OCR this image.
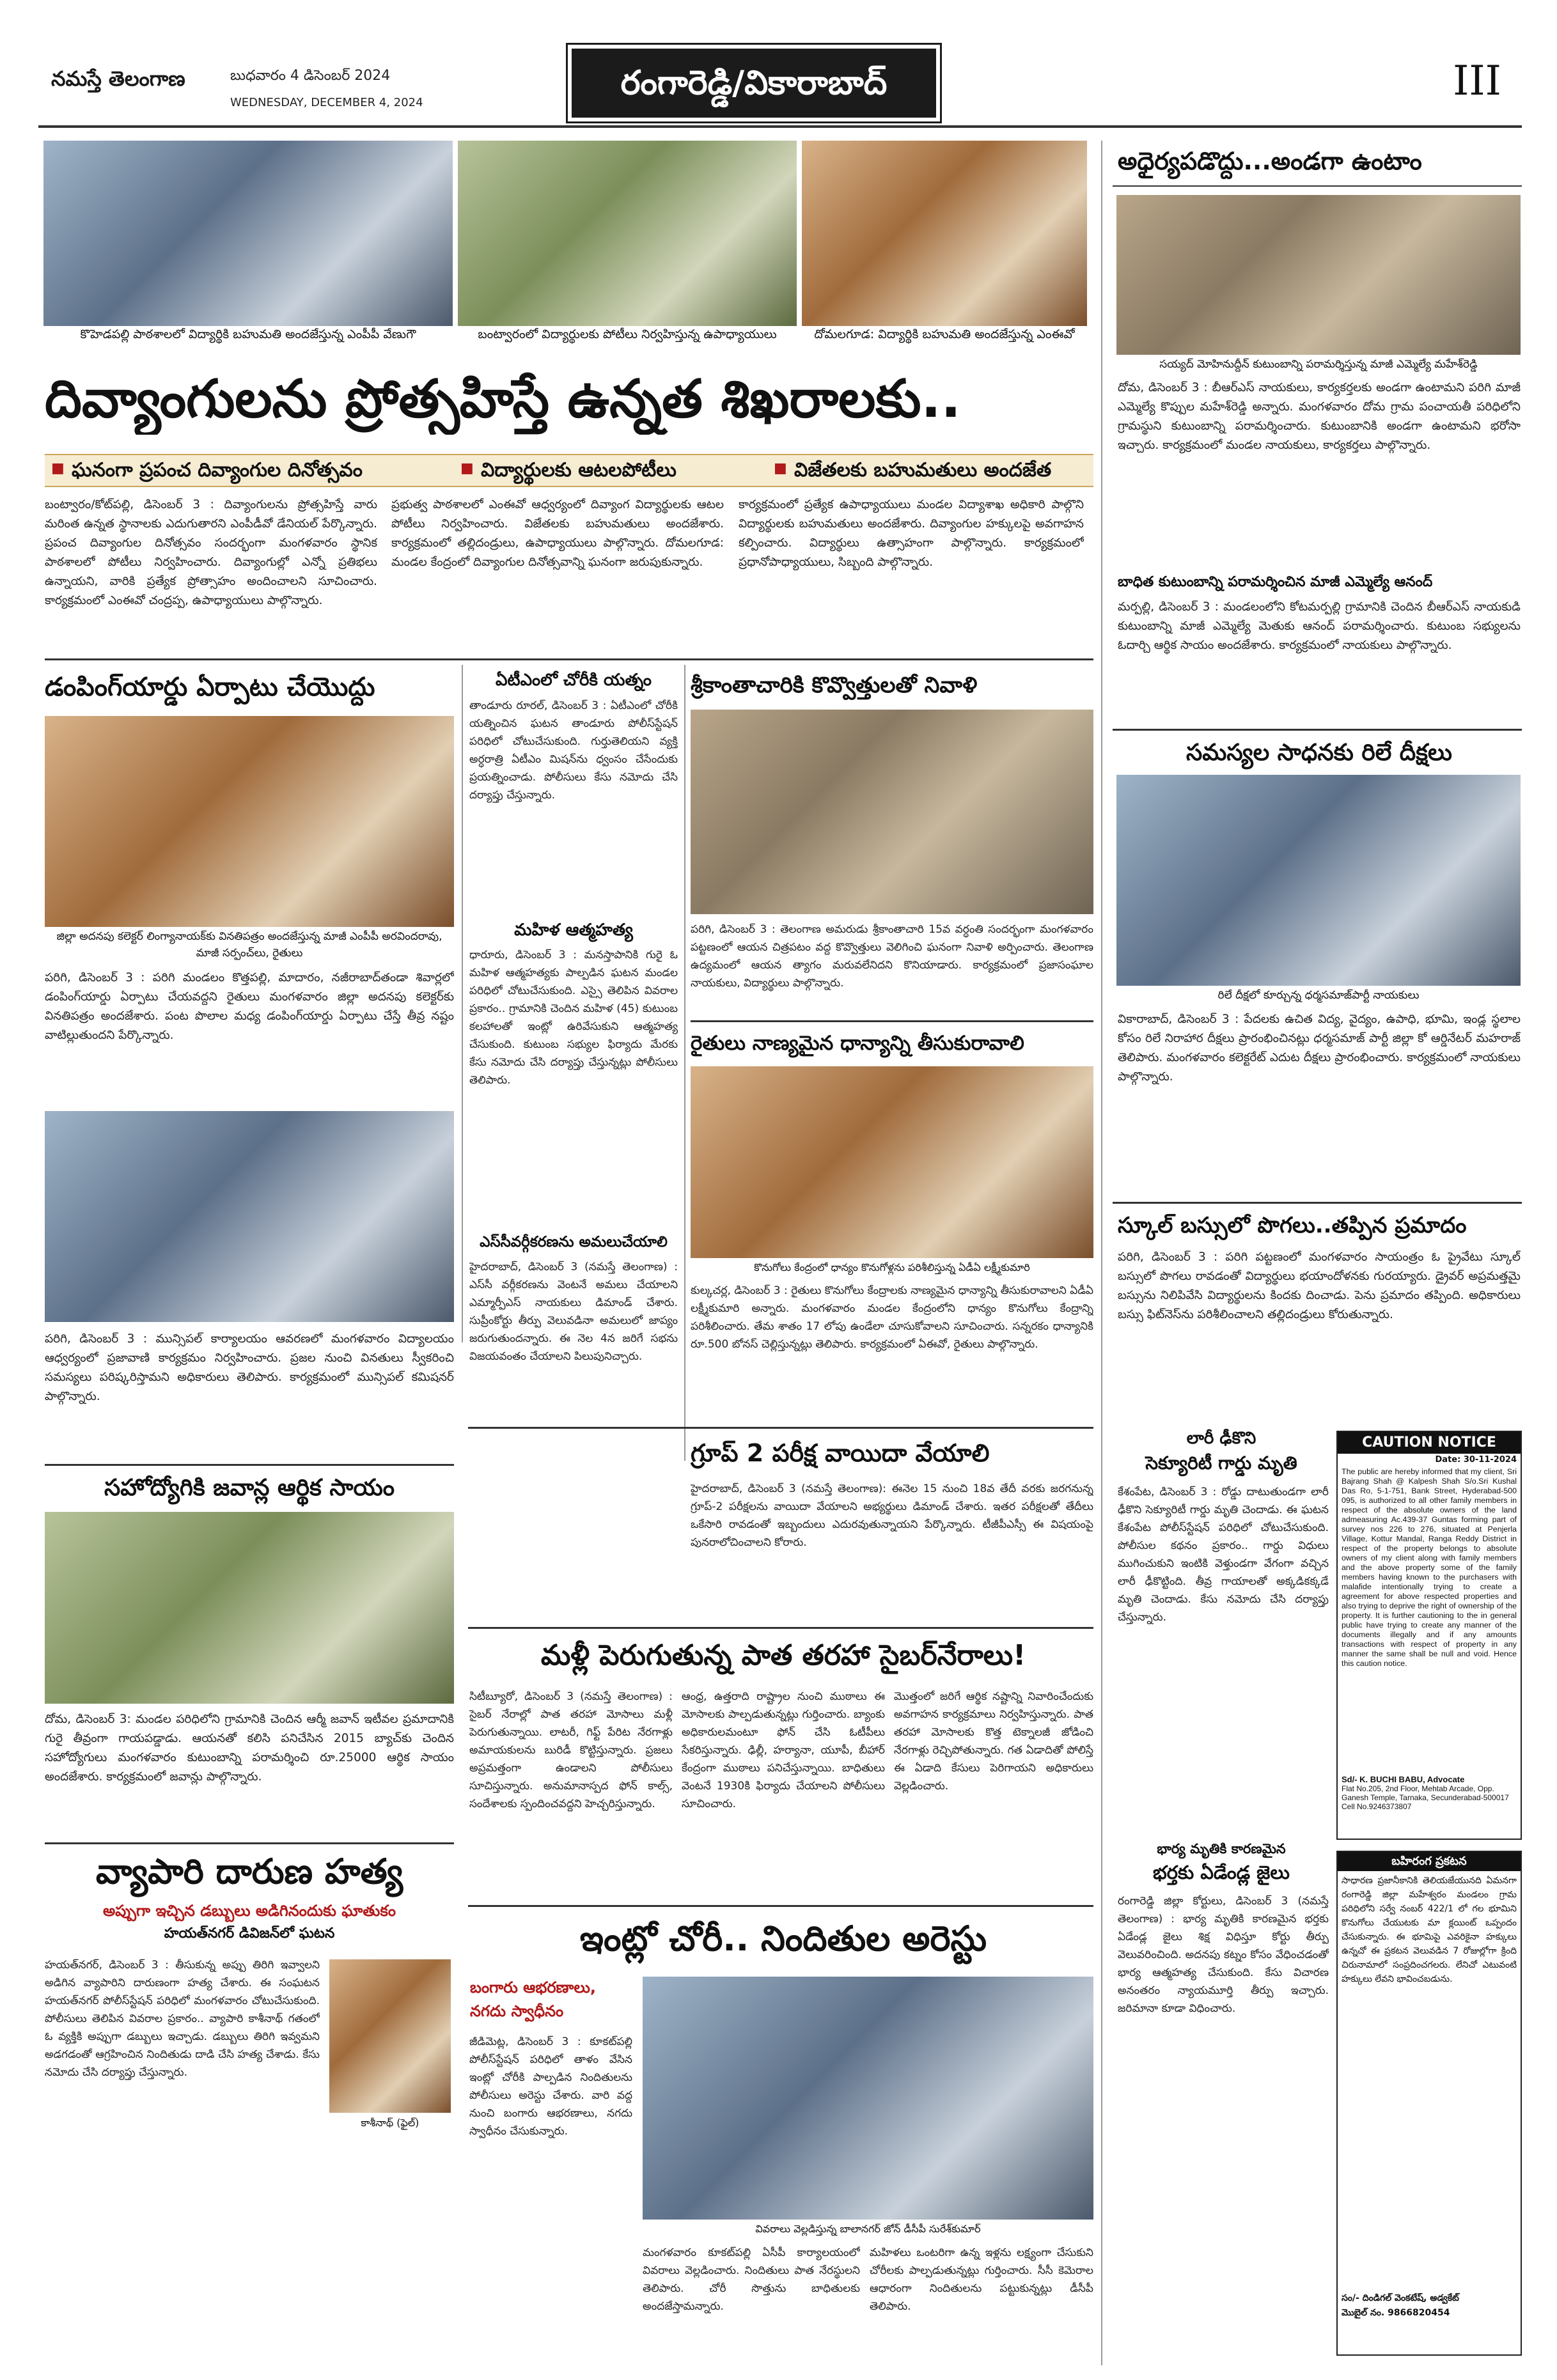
నమస్తే తెలంగాణ	బుధవారం 4 డిసెంబర్ 2024
WEDNESDAY, DECEMBER 4, 2024
రంగారెడ్డి/వికారాబాద్	III
కొహెడపల్లి పాఠశాలలో విద్యార్థికి బహుమతి అందజేస్తున్న ఎంపీపీ వేణుగౌ	బంట్వారంలో విద్యార్థులకు పోటీలు నిర్వహిస్తున్న ఉపాధ్యాయులు	దోమలగూడ: విద్యార్థికి బహుమతి అందజేస్తున్న ఎంఈవో
దివ్యాంగులను ప్రోత్సహిస్తే ఉన్నత శిఖరాలకు..
■ ఘనంగా ప్రపంచ దివ్యాంగుల దినోత్సవం	■ విద్యార్థులకు ఆటలపోటీలు	■ విజేతలకు బహుమతులు అందజేత
బంట్వారం/కోట్‌పల్లి, డిసెంబర్ 3 : దివ్యాంగులను ప్రోత్సహిస్తే వారు మరింత ఉన్నత స్థానాలకు ఎదుగుతారని ఎంపీడీవో డేనియల్ పేర్కొన్నారు. ప్రపంచ దివ్యాంగుల దినోత్సవం సందర్భంగా మంగళవారం స్థానిక పాఠశాలలో పోటీలు నిర్వహించారు. దివ్యాంగుల్లో ఎన్నో ప్రతిభలు ఉన్నాయని, వారికి ప్రత్యేక ప్రోత్సాహం అందించాలని సూచించారు. కార్యక్రమంలో ఎంఈవో చంద్రప్ప, ఉపాధ్యాయులు పాల్గొన్నారు.
ప్రభుత్వ పాఠశాలలో ఎంఈవో ఆధ్వర్యంలో దివ్యాంగ విద్యార్థులకు ఆటల పోటీలు నిర్వహించారు. విజేతలకు బహుమతులు అందజేశారు. కార్యక్రమంలో తల్లిదండ్రులు, ఉపాధ్యాయులు పాల్గొన్నారు. దోమలగూడ: మండల కేంద్రంలో దివ్యాంగుల దినోత్సవాన్ని ఘనంగా జరుపుకున్నారు.
కార్యక్రమంలో ప్రత్యేక ఉపాధ్యాయులు మండల విద్యాశాఖ అధికారి పాల్గొని విద్యార్థులకు బహుమతులు అందజేశారు. దివ్యాంగుల హక్కులపై అవగాహన కల్పించారు. విద్యార్థులు ఉత్సాహంగా పాల్గొన్నారు. కార్యక్రమంలో ప్రధానోపాధ్యాయులు, సిబ్బంది పాల్గొన్నారు.
అధైర్యపడొద్దు...అండగా ఉంటాం
సయ్యద్ మోహినుద్దీన్ కుటుంబాన్ని పరామర్శిస్తున్న మాజీ ఎమ్మెల్యే మహేశ్‌రెడ్డి
దోమ, డిసెంబర్ 3 : బీఆర్‌ఎస్ నాయకులు, కార్యకర్తలకు అండగా ఉంటామని పరిగి మాజీ ఎమ్మెల్యే కొప్పుల మహేశ్‌రెడ్డి అన్నారు. మంగళవారం దోమ గ్రామ పంచాయతీ పరిధిలోని గ్రామస్థుని కుటుంబాన్ని పరామర్శించారు. కుటుంబానికి అండగా ఉంటామని భరోసా ఇచ్చారు. కార్యక్రమంలో మండల నాయకులు, కార్యకర్తలు పాల్గొన్నారు.
బాధిత కుటుంబాన్ని పరామర్శించిన మాజీ ఎమ్మెల్యే ఆనంద్
మర్పల్లి, డిసెంబర్ 3 : మండలంలోని కోటమర్పల్లి గ్రామానికి చెందిన బీఆర్‌ఎస్ నాయకుడి కుటుంబాన్ని మాజీ ఎమ్మెల్యే మెతుకు ఆనంద్ పరామర్శించారు. కుటుంబ సభ్యులను ఓదార్చి ఆర్థిక సాయం అందజేశారు. కార్యక్రమంలో నాయకులు పాల్గొన్నారు.
సమస్యల సాధనకు రిలే దీక్షలు
రిలే దీక్షలో కూర్చున్న ధర్మసమాజ్‌పార్టీ నాయకులు
వికారాబాద్, డిసెంబర్ 3 : పేదలకు ఉచిత విద్య, వైద్యం, ఉపాధి, భూమి, ఇండ్ల స్థలాల కోసం రిలే నిరాహార దీక్షలు ప్రారంభించినట్లు ధర్మసమాజ్ పార్టీ జిల్లా కో ఆర్డినేటర్ మహరాజ్ తెలిపారు. మంగళవారం కలెక్టరేట్ ఎదుట దీక్షలు ప్రారంభించారు. కార్యక్రమంలో నాయకులు పాల్గొన్నారు.
స్కూల్ బస్సులో పొగలు..తప్పిన ప్రమాదం
పరిగి, డిసెంబర్ 3 : పరిగి పట్టణంలో మంగళవారం సాయంత్రం ఓ ప్రైవేటు స్కూల్ బస్సులో పొగలు రావడంతో విద్యార్థులు భయాందోళనకు గురయ్యారు. డ్రైవర్ అప్రమత్తమై బస్సును నిలిపివేసి విద్యార్థులను కిందకు దించాడు. పెను ప్రమాదం తప్పింది. అధికారులు బస్సు ఫిట్‌నెస్‌ను పరిశీలించాలని తల్లిదండ్రులు కోరుతున్నారు.
లారీ ఢీకొని
సెక్యూరిటీ గార్డు మృతి
కేశంపేట, డిసెంబర్ 3 : రోడ్డు దాటుతుండగా లారీ ఢీకొని సెక్యూరిటీ గార్డు మృతి చెందాడు. ఈ ఘటన కేశంపేట పోలీస్‌స్టేషన్ పరిధిలో చోటుచేసుకుంది. పోలీసుల కథనం ప్రకారం.. గార్డు విధులు ముగించుకుని ఇంటికి వెళ్తుండగా వేగంగా వచ్చిన లారీ ఢీకొట్టింది. తీవ్ర గాయాలతో అక్కడికక్కడే మృతి చెందాడు. కేసు నమోదు చేసి దర్యాప్తు చేస్తున్నారు.
CAUTION NOTICE
Date: 30-11-2024
The public are hereby informed that my client, Sri Bajrang Shah @ Kalpesh Shah S/o.Sri Kushal Das Ro, 5-1-751, Bank Street, Hyderabad-500 095, is authorized to all other family members in respect of the absolute owners of the land admeasuring Ac.439-37 Guntas forming part of survey nos 226 to 276, situated at Penjerla Village, Kottur Mandal, Ranga Reddy District in respect of the property belongs to absolute owners of my client along with family members and the above property some of the family members having known to the purchasers with malafide intentionally trying to create a agreement for above respected properties and also trying to deprive the right of ownership of the property. It is further cautioning to the in general public have trying to create any manner of the documents illegally and if any amounts transactions with respect of property in any manner the same shall be null and void. Hence this caution notice.
Sd/- K. BUCHI BABU, Advocate
Flat No.205, 2nd Floor, Mehtab Arcade, Opp. Ganesh Temple, Tarnaka, Secunderabad-500017
Cell No.9246373807
భార్య మృతికి కారణమైన
భర్తకు ఏడేండ్ల జైలు
రంగారెడ్డి జిల్లా కోర్టులు, డిసెంబర్ 3 (నమస్తే తెలంగాణ) : భార్య మృతికి కారణమైన భర్తకు ఏడేండ్ల జైలు శిక్ష విధిస్తూ కోర్టు తీర్పు వెలువరించింది. అదనపు కట్నం కోసం వేధించడంతో భార్య ఆత్మహత్య చేసుకుంది. కేసు విచారణ అనంతరం న్యాయమూర్తి తీర్పు ఇచ్చారు. జరిమానా కూడా విధించారు.
బహిరంగ ప్రకటన
సాధారణ ప్రజానీకానికి తెలియజేయునది ఏమనగా రంగారెడ్డి జిల్లా మహేశ్వరం మండలం గ్రామ పరిధిలోని సర్వే నంబర్ 422/1 లో గల భూమిని కొనుగోలు చేయుటకు మా క్లయింట్ ఒప్పందం చేసుకున్నారు. ఈ భూమిపై ఎవరికైనా హక్కులు ఉన్నచో ఈ ప్రకటన వెలువడిన 7 రోజుల్లోగా క్రింది చిరునామాలో సంప్రదించగలరు. లేనిచో ఎటువంటి హక్కులు లేవని భావించబడును.
సం/- దిండిగల్ వెంకటేష్, అడ్వకేట్
మొబైల్ నం. 9866820454
డంపింగ్‌యార్డు ఏర్పాటు చేయొద్దు
జిల్లా అదనపు కలెక్టర్ లింగ్యానాయక్‌కు వినతిపత్రం అందజేస్తున్న మాజీ ఎంపీపీ అరవిందరావు, మాజీ సర్పంచ్‌లు, రైతులు
పరిగి, డిసెంబర్ 3 : పరిగి మండలం కొత్తపల్లి, మాదారం, నజీరాబాద్‌తండా శివార్లలో డంపింగ్‌యార్డు ఏర్పాటు చేయవద్దని రైతులు మంగళవారం జిల్లా అదనపు కలెక్టర్‌కు వినతిపత్రం అందజేశారు. పంట పొలాల మధ్య డంపింగ్‌యార్డు ఏర్పాటు చేస్తే తీవ్ర నష్టం వాటిల్లుతుందని పేర్కొన్నారు.
పరిగి, డిసెంబర్ 3 : మున్సిపల్ కార్యాలయం ఆవరణలో మంగళవారం విద్యాలయం ఆధ్వర్యంలో ప్రజావాణి కార్యక్రమం నిర్వహించారు. ప్రజల నుంచి వినతులు స్వీకరించి సమస్యలు పరిష్కరిస్తామని అధికారులు తెలిపారు. కార్యక్రమంలో మున్సిపల్ కమిషనర్ పాల్గొన్నారు.
సహోద్యోగికి జవాన్ల ఆర్థిక సాయం
దోమ, డిసెంబర్ 3: మండల పరిధిలోని గ్రామానికి చెందిన ఆర్మీ జవాన్ ఇటీవల ప్రమాదానికి గురై తీవ్రంగా గాయపడ్డాడు. ఆయనతో కలిసి పనిచేసిన 2015 బ్యాచ్‌కు చెందిన సహోద్యోగులు మంగళవారం కుటుంబాన్ని పరామర్శించి రూ.25000 ఆర్థిక సాయం అందజేశారు. కార్యక్రమంలో జవాన్లు పాల్గొన్నారు.
ఏటీఎంలో చోరీకి యత్నం
తాండూరు రూరల్, డిసెంబర్ 3 : ఏటీఎంలో చోరీకి యత్నించిన ఘటన తాండూరు పోలీస్‌స్టేషన్ పరిధిలో చోటుచేసుకుంది. గుర్తుతెలియని వ్యక్తి అర్ధరాత్రి ఏటీఎం మిషన్‌ను ధ్వంసం చేసేందుకు ప్రయత్నించాడు. పోలీసులు కేసు నమోదు చేసి దర్యాప్తు చేస్తున్నారు.
మహిళ ఆత్మహత్య
ధారూరు, డిసెంబర్ 3 : మనస్తాపానికి గురై ఓ మహిళ ఆత్మహత్యకు పాల్పడిన ఘటన మండల పరిధిలో చోటుచేసుకుంది. ఎస్సై తెలిపిన వివరాల ప్రకారం.. గ్రామానికి చెందిన మహిళ (45) కుటుంబ కలహాలతో ఇంట్లో ఉరివేసుకుని ఆత్మహత్య చేసుకుంది. కుటుంబ సభ్యుల ఫిర్యాదు మేరకు కేసు నమోదు చేసి దర్యాప్తు చేస్తున్నట్లు పోలీసులు తెలిపారు.
ఎస్‌సీవర్గీకరణను అమలుచేయాలి
హైదరాబాద్, డిసెంబర్ 3 (నమస్తే తెలంగాణ) : ఎస్‌సీ వర్గీకరణను వెంటనే అమలు చేయాలని ఎమ్మార్పీఎస్ నాయకులు డిమాండ్ చేశారు. సుప్రీంకోర్టు తీర్పు వెలువడినా అమలులో జాప్యం జరుగుతుందన్నారు. ఈ నెల 4న జరిగే సభను విజయవంతం చేయాలని పిలుపునిచ్చారు.
శ్రీకాంతాచారికి కొవ్వొత్తులతో నివాళి
పరిగి, డిసెంబర్ 3 : తెలంగాణ అమరుడు శ్రీకాంతాచారి 15వ వర్ధంతి సందర్భంగా మంగళవారం పట్టణంలో ఆయన చిత్రపటం వద్ద కొవ్వొత్తులు వెలిగించి ఘనంగా నివాళి అర్పించారు. తెలంగాణ ఉద్యమంలో ఆయన త్యాగం మరువలేనిదని కొనియాడారు. కార్యక్రమంలో ప్రజాసంఘాల నాయకులు, విద్యార్థులు పాల్గొన్నారు.
రైతులు నాణ్యమైన ధాన్యాన్ని తీసుకురావాలి
కొనుగోలు కేంద్రంలో ధాన్యం కొనుగోళ్లను పరిశీలిస్తున్న ఏడీఏ లక్ష్మీకుమారి
కుల్కచర్ల, డిసెంబర్ 3 : రైతులు కొనుగోలు కేంద్రాలకు నాణ్యమైన ధాన్యాన్ని తీసుకురావాలని ఏడీఏ లక్ష్మీకుమారి అన్నారు. మంగళవారం మండల కేంద్రంలోని ధాన్యం కొనుగోలు కేంద్రాన్ని పరిశీలించారు. తేమ శాతం 17 లోపు ఉండేలా చూసుకోవాలని సూచించారు. సన్నరకం ధాన్యానికి రూ.500 బోనస్ చెల్లిస్తున్నట్లు తెలిపారు. కార్యక్రమంలో ఏఈవో, రైతులు పాల్గొన్నారు.
గ్రూప్ 2 పరీక్ష వాయిదా వేయాలి
హైదరాబాద్, డిసెంబర్ 3 (నమస్తే తెలంగాణ): ఈనెల 15 నుంచి 18వ తేదీ వరకు జరగనున్న గ్రూప్-2 పరీక్షలను వాయిదా వేయాలని అభ్యర్థులు డిమాండ్ చేశారు. ఇతర పరీక్షలతో తేదీలు ఒకేసారి రావడంతో ఇబ్బందులు ఎదురవుతున్నాయని పేర్కొన్నారు. టీజీపీఎస్సీ ఈ విషయంపై పునరాలోచించాలని కోరారు.
మళ్లీ పెరుగుతున్న పాత తరహా సైబర్‌నేరాలు!
సిటీబ్యూరో, డిసెంబర్ 3 (నమస్తే తెలంగాణ) : సైబర్ నేరాల్లో పాత తరహా మోసాలు మళ్లీ పెరుగుతున్నాయి. లాటరీ, గిఫ్ట్ పేరిట నేరగాళ్లు అమాయకులను బురిడీ కొట్టిస్తున్నారు. ప్రజలు అప్రమత్తంగా ఉండాలని పోలీసులు సూచిస్తున్నారు. అనుమానాస్పద ఫోన్ కాల్స్, సందేశాలకు స్పందించవద్దని హెచ్చరిస్తున్నారు.
ఆంధ్ర, ఉత్తరాది రాష్ట్రాల నుంచి ముఠాలు ఈ మోసాలకు పాల్పడుతున్నట్లు గుర్తించారు. బ్యాంకు అధికారులమంటూ ఫోన్ చేసి ఓటీపీలు సేకరిస్తున్నారు. ఢిల్లీ, హర్యానా, యూపీ, బీహార్ కేంద్రంగా ముఠాలు పనిచేస్తున్నాయి. బాధితులు వెంటనే 1930కి ఫిర్యాదు చేయాలని పోలీసులు సూచించారు.
మొత్తంలో జరిగే ఆర్థిక నష్టాన్ని నివారించేందుకు అవగాహన కార్యక్రమాలు నిర్వహిస్తున్నారు. పాత తరహా మోసాలకు కొత్త టెక్నాలజీ జోడించి నేరగాళ్లు రెచ్చిపోతున్నారు. గత ఏడాదితో పోలిస్తే ఈ ఏడాది కేసులు పెరిగాయని అధికారులు వెల్లడించారు.
వ్యాపారి దారుణ హత్య
అప్పుగా ఇచ్చిన డబ్బులు అడిగినందుకు ఘాతుకం
హయత్‌నగర్ డివిజన్‌లో ఘటన
హయత్‌నగర్, డిసెంబర్ 3 : తీసుకున్న అప్పు తిరిగి ఇవ్వాలని అడిగిన వ్యాపారిని దారుణంగా హత్య చేశారు. ఈ సంఘటన హయత్‌నగర్ పోలీస్‌స్టేషన్ పరిధిలో మంగళవారం చోటుచేసుకుంది. పోలీసులు తెలిపిన వివరాల ప్రకారం.. వ్యాపారి కాశీనాథ్ గతంలో ఓ వ్యక్తికి అప్పుగా డబ్బులు ఇచ్చాడు. డబ్బులు తిరిగి ఇవ్వమని అడగడంతో ఆగ్రహించిన నిందితుడు దాడి చేసి హత్య చేశాడు. కేసు నమోదు చేసి దర్యాప్తు చేస్తున్నారు.
కాశీనాథ్ (ఫైల్)
ఇంట్లో చోరీ.. నిందితుల అరెస్టు
బంగారు ఆభరణాలు,
నగదు స్వాధీనం
జీడిమెట్ల, డిసెంబర్ 3 : కూకట్‌పల్లి పోలీస్‌స్టేషన్ పరిధిలో తాళం వేసిన ఇంట్లో చోరీకి పాల్పడిన నిందితులను పోలీసులు అరెస్టు చేశారు. వారి వద్ద నుంచి బంగారు ఆభరణాలు, నగదు స్వాధీనం చేసుకున్నారు.
వివరాలు వెల్లడిస్తున్న బాలానగర్ జోన్ డీసీపీ సురేశ్‌కుమార్
మంగళవారం కూకట్‌పల్లి ఏసీపీ కార్యాలయంలో వివరాలు వెల్లడించారు. నిందితులు పాత నేరస్థులని తెలిపారు. చోరీ సొత్తును బాధితులకు అందజేస్తామన్నారు.
మహిళలు ఒంటరిగా ఉన్న ఇళ్లను లక్ష్యంగా చేసుకుని చోరీలకు పాల్పడుతున్నట్లు గుర్తించారు. సీసీ కెమెరాల ఆధారంగా నిందితులను పట్టుకున్నట్లు డీసీపీ తెలిపారు.
